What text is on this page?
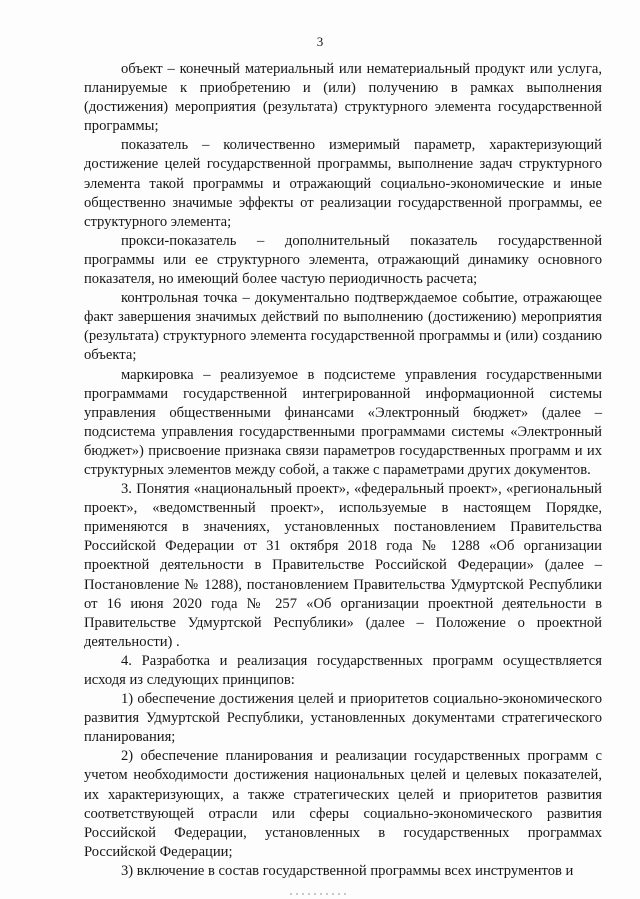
3

объект – конечный материальный или нематериальный продукт или услуга, планируемые к приобретению и (или) получению в рамках выполнения (достижения) мероприятия (результата) структурного элемента государственной программы;

показатель – количественно измеримый параметр, характеризующий достижение целей государственной программы, выполнение задач структурного элемента такой программы и отражающий социально-экономические и иные общественно значимые эффекты от реализации государственной программы, ее структурного элемента;

прокси-показатель – дополнительный показатель государственной программы или ее структурного элемента, отражающий динамику основного показателя, но имеющий более частую периодичность расчета;

контрольная точка – документально подтверждаемое событие, отражающее факт завершения значимых действий по выполнению (достижению) мероприятия (результата) структурного элемента государственной программы и (или) созданию объекта;

маркировка – реализуемое в подсистеме управления государственными программами государственной интегрированной информационной системы управления общественными финансами «Электронный бюджет» (далее – подсистема управления государственными программами системы «Электронный бюджет») присвоение признака связи параметров государственных программ и их структурных элементов между собой, а также с параметрами других документов.

3. Понятия «национальный проект», «федеральный проект», «региональный проект», «ведомственный проект», используемые в настоящем Порядке, применяются в значениях, установленных постановлением Правительства Российской Федерации от 31 октября 2018 года № 1288 «Об организации проектной деятельности в Правительстве Российской Федерации» (далее – Постановление № 1288), постановлением Правительства Удмуртской Республики от 16 июня 2020 года № 257 «Об организации проектной деятельности в Правительстве Удмуртской Республики» (далее – Положение о проектной деятельности) .

4. Разработка и реализация государственных программ осуществляется исходя из следующих принципов:

1) обеспечение достижения целей и приоритетов социально-экономического развития Удмуртской Республики, установленных документами стратегического планирования;

2) обеспечение планирования и реализации государственных программ с учетом необходимости достижения национальных целей и целевых показателей, их характеризующих, а также стратегических целей и приоритетов развития соответствующей отрасли или сферы социально-экономического развития Российской Федерации, установленных в государственных программах Российской Федерации;

3) включение в состав государственной программы всех инструментов и
